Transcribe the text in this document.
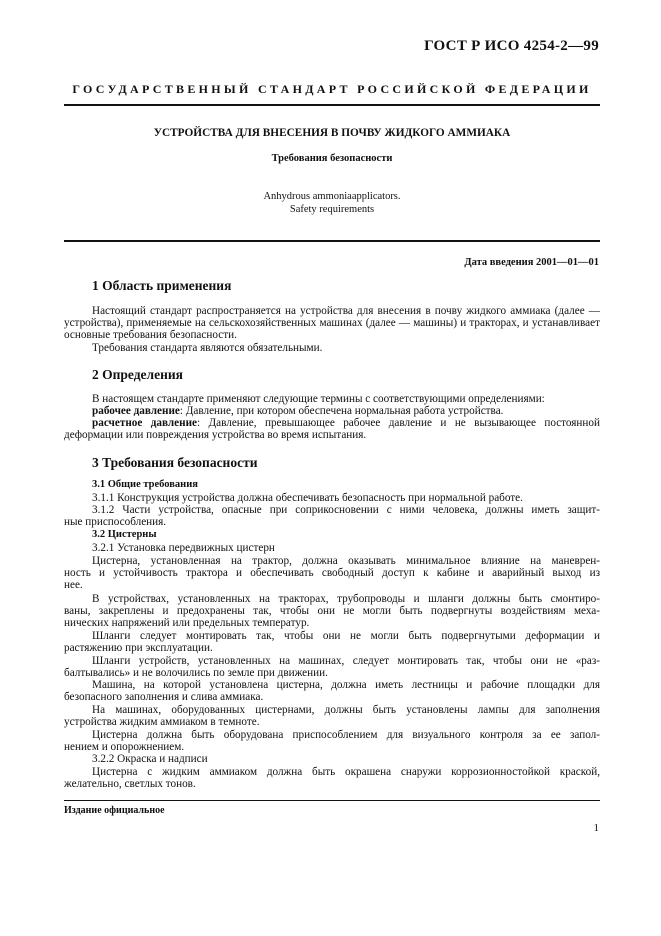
ГОСТ Р ИСО 4254-2—99
ГОСУДАРСТВЕННЫЙ СТАНДАРТ РОССИЙСКОЙ ФЕДЕРАЦИИ
УСТРОЙСТВА ДЛЯ ВНЕСЕНИЯ В ПОЧВУ ЖИДКОГО АММИАКА
Требования безопасности
Anhydrous ammoniaapplicators.
Safety requirements
Дата введения 2001—01—01
1 Область применения

Настоящий стандарт распространяется на устройства для внесения в почву жидкого аммиака (далее — устройства), применяемые на сельскохозяйственных машинах (далее — машины) и тракторах, и устанавливает основные требования безопасности.

Требования стандарта являются обязательными.

2 Определения

В настоящем стандарте применяют следующие термины с соответствующими определениями:

рабочее давление: Давление, при котором обеспечена нормальная работа устройства.

расчетное давление: Давление, превышающее рабочее давление и не вызывающее постоянной
деформации или повреждения устройства во время испытания.

3 Требования безопасности
3.1 Общие требования

3.1.1 Конструкция устройства должна обеспечивать безопасность при нормальной работе.

3.1.2 Части устройства, опасные при соприкосновении с ними человека, должны иметь защит-
ные приспособления.

3.2 Цистерны

3.2.1 Установка передвижных цистерн

Цистерна, установленная на трактор, должна оказывать минимальное влияние на маневрен-
ность и устойчивость трактора и обеспечивать свободный доступ к кабине и аварийный выход из
нее.

В устройствах, установленных на тракторах, трубопроводы и шланги должны быть смонтиро-
ваны, закреплены и предохранены так, чтобы они не могли быть подвергнуты воздействиям меха-
нических напряжений или предельных температур.

Шланги следует монтировать так, чтобы они не могли быть подвергнутыми деформации и
растяжению при эксплуатации.

Шланги устройств, установленных на машинах, следует монтировать так, чтобы они не «раз-
балтывались» и не волочились по земле при движении.

Машина, на которой установлена цистерна, должна иметь лестницы и рабочие площадки для
безопасного заполнения и слива аммиака.

На машинах, оборудованных цистернами, должны быть установлены лампы для заполнения
устройства жидким аммиаком в темноте.

Цистерна должна быть оборудована приспособлением для визуального контроля за ее запол-
нением и опорожнением.

3.2.2 Окраска и надписи

Цистерна с жидким аммиаком должна быть окрашена снаружи коррозионностойкой краской,
желательно, светлых тонов.

Издание официальное
1
